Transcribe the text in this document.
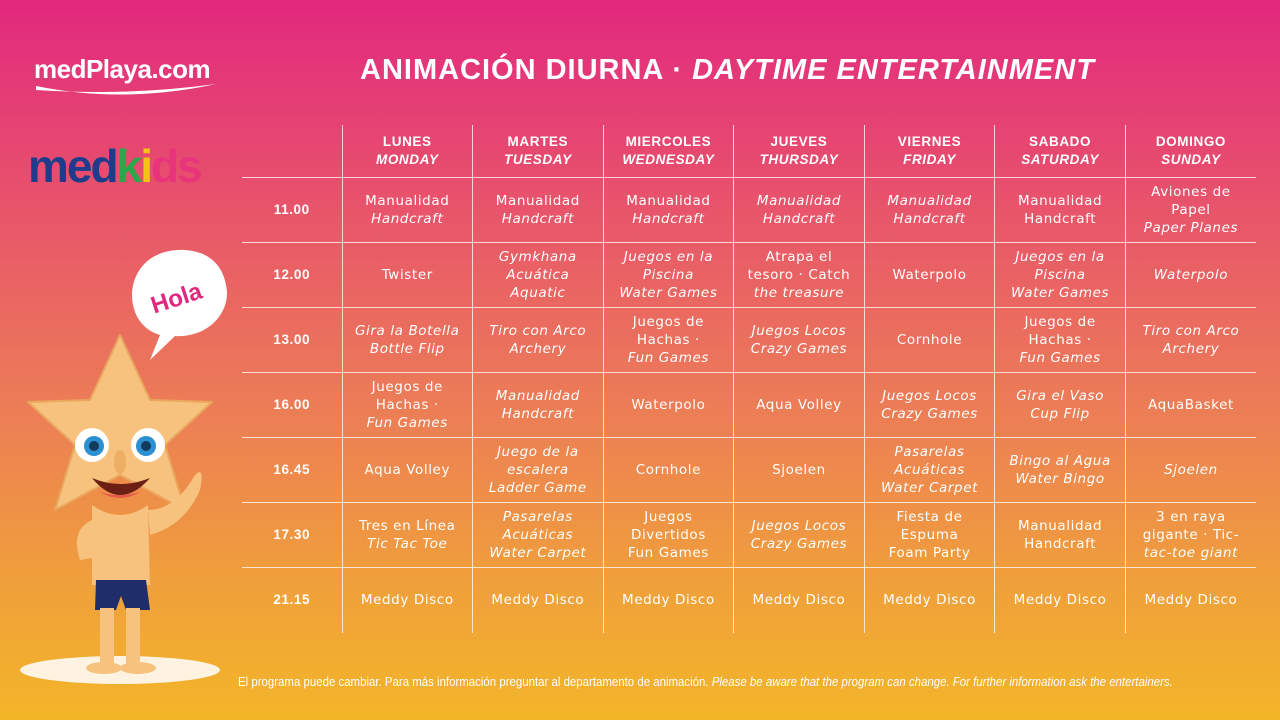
medPlaya.com
medkids
ANIMACIÓN DIURNA · DAYTIME ENTERTAINMENT
Hola

	LUNES
MONDAY	MARTES
TUESDAY	MIERCOLES
WEDNESDAY	JUEVES
THURSDAY	VIERNES
FRIDAY	SABADO
SATURDAY	DOMINGO
SUNDAY

11.00	Manualidad
Handcraft	Manualidad
Handcraft	Manualidad
Handcraft	Manualidad
Handcraft	Manualidad
Handcraft	Manualidad
Handcraft	Aviones de
Papel
Paper Planes

12.00	Twister	Gymkhana
Acuática
Aquatic	Juegos en la
Piscina
Water Games	Atrapa el
tesoro · Catch
the treasure	Waterpolo	Juegos en la
Piscina
Water Games	Waterpolo

13.00	Gira la Botella
Bottle Flip	Tiro con Arco
Archery	Juegos de
Hachas ·
Fun Games	Juegos Locos
Crazy Games	Cornhole	Juegos de
Hachas ·
Fun Games	Tiro con Arco
Archery

16.00	Juegos de
Hachas ·
Fun Games	Manualidad
Handcraft	Waterpolo	Aqua Volley	Juegos Locos
Crazy Games	Gira el Vaso
Cup Flip	AquaBasket

16.45	Aqua Volley	Juego de la
escalera
Ladder Game	Cornhole	Sjoelen	Pasarelas
Acuáticas
Water Carpet	Bingo al Agua
Water Bingo	Sjoelen

17.30	Tres en Línea
Tic Tac Toe	Pasarelas
Acuáticas
Water Carpet	Juegos
Divertidos
Fun Games	Juegos Locos
Crazy Games	Fiesta de
Espuma
Foam Party	Manualidad
Handcraft	3 en raya
gigante · Tic-
tac-toe giant

21.15	Meddy Disco	Meddy Disco	Meddy Disco	Meddy Disco	Meddy Disco	Meddy Disco	Meddy Disco
El programa puede cambiar. Para más información preguntar al departamento de animación. Please be aware that the program can change. For further information ask the entertainers.
